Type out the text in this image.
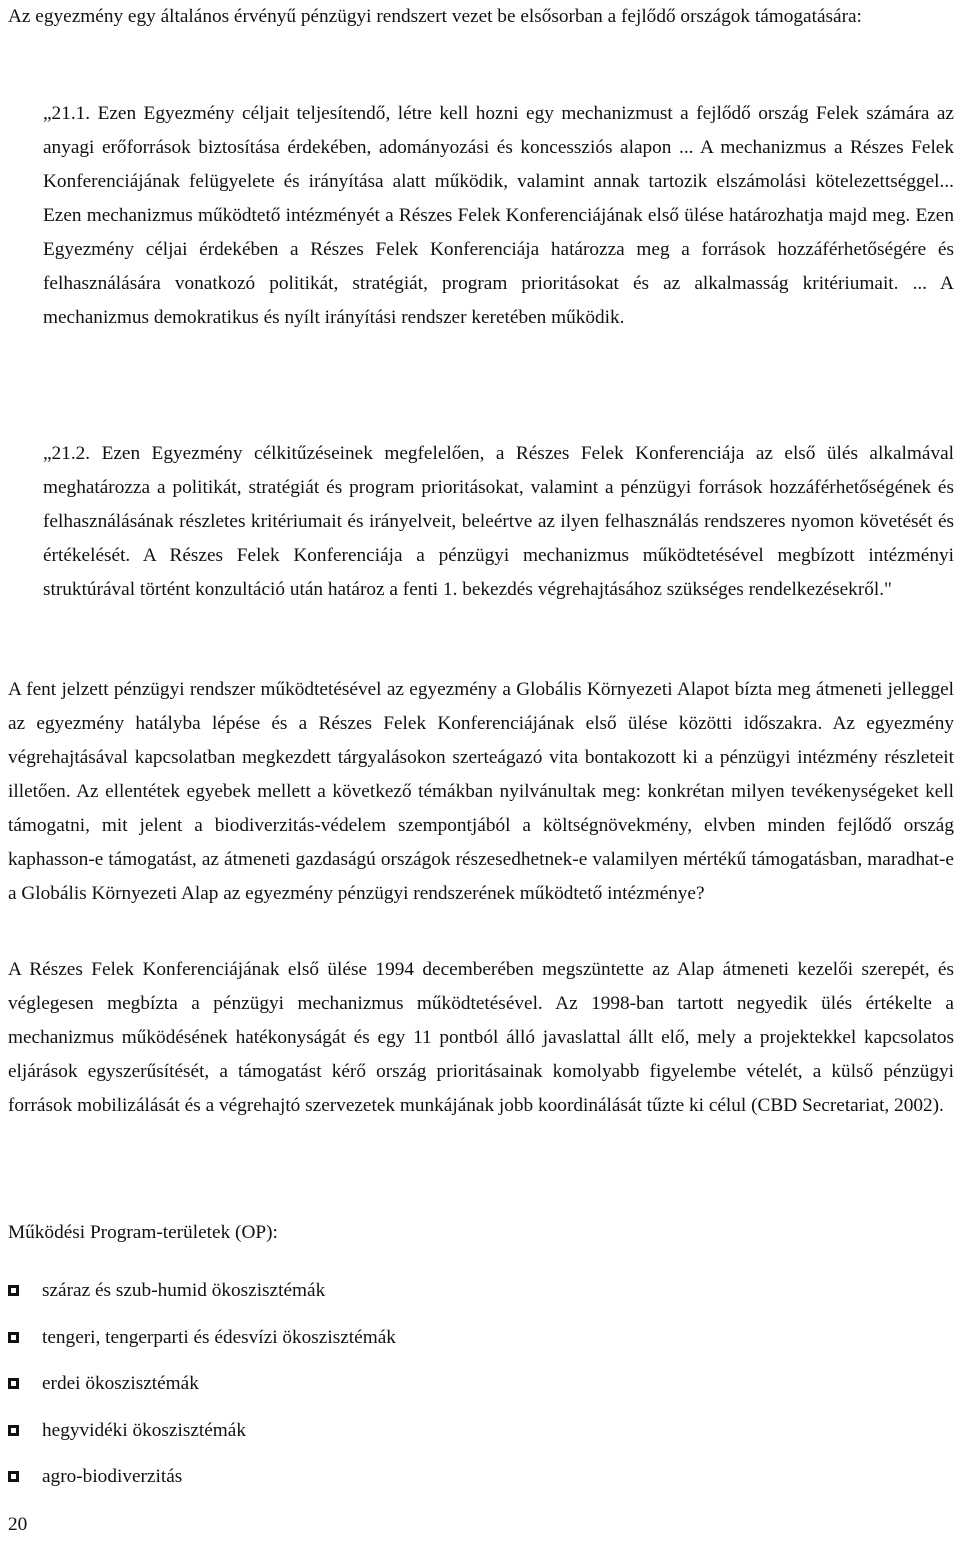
Az egyezmény egy általános érvényű pénzügyi rendszert vezet be elsősorban a fejlődő országok támogatására:

„21.1. Ezen Egyezmény céljait teljesítendő, létre kell hozni egy mechanizmust a fejlődő ország Felek számára az anyagi erőforrások biztosítása érdekében, adományozási és koncessziós alapon ... A mechanizmus a Részes Felek Konferenciájának felügyelete és irányítása alatt működik, valamint annak tartozik elszámolási kötelezettséggel... Ezen mechanizmus működtető intézményét a Részes Felek Konferenciájának első ülése határozhatja majd meg. Ezen Egyezmény céljai érdekében a Részes Felek Konferenciája határozza meg a források hozzáférhetőségére és felhasználására vonatkozó politikát, stratégiát, program prioritásokat és az alkalmasság kritériumait. ... A mechanizmus demokratikus és nyílt irányítási rendszer keretében működik.

„21.2. Ezen Egyezmény célkitűzéseinek megfelelően, a Részes Felek Konferenciája az első ülés alkalmával meghatározza a politikát, stratégiát és program prioritásokat, valamint a pénzügyi források hozzáférhetőségének és felhasználásának részletes kritériumait és irányelveit, beleértve az ilyen felhasználás rendszeres nyomon követését és értékelését. A Részes Felek Konferenciája a pénzügyi mechanizmus működtetésével megbízott intézményi struktúrával történt konzultáció után határoz a fenti 1. bekezdés végrehajtásához szükséges rendelkezésekről."

A fent jelzett pénzügyi rendszer működtetésével az egyezmény a Globális Környezeti Alapot bízta meg átmeneti jelleggel az egyezmény hatályba lépése és a Részes Felek Konferenciájának első ülése közötti időszakra. Az egyezmény végrehajtásával kapcsolatban megkezdett tárgyalásokon szerteágazó vita bontakozott ki a pénzügyi intézmény részleteit illetően. Az ellentétek egyebek mellett a következő témákban nyilvánultak meg: konkrétan milyen tevékenységeket kell támogatni, mit jelent a biodiverzitás-védelem szempontjából a költségnövekmény, elvben minden fejlődő ország kaphasson-e támogatást, az átmeneti gazdaságú országok részesedhetnek-e valamilyen mértékű támogatásban, maradhat-e a Globális Környezeti Alap az egyezmény pénzügyi rendszerének működtető intézménye?

A Részes Felek Konferenciájának első ülése 1994 decemberében megszüntette az Alap átmeneti kezelői szerepét, és véglegesen megbízta a pénzügyi mechanizmus működtetésével. Az 1998-ban tartott negyedik ülés értékelte a mechanizmus működésének hatékonyságát és egy 11 pontból álló javaslattal állt elő, mely a projektekkel kapcsolatos eljárások egyszerűsítését, a támogatást kérő ország prioritásainak komolyabb figyelembe vételét, a külső pénzügyi források mobilizálását és a végrehajtó szervezetek munkájának jobb koordinálását tűzte ki célul (CBD Secretariat, 2002).

Működési Program-területek (OP):

száraz és szub-humid ökoszisztémák
tengeri, tengerparti és édesvízi ökoszisztémák
erdei ökoszisztémák
hegyvidéki ökoszisztémák
agro-biodiverzitás
20
